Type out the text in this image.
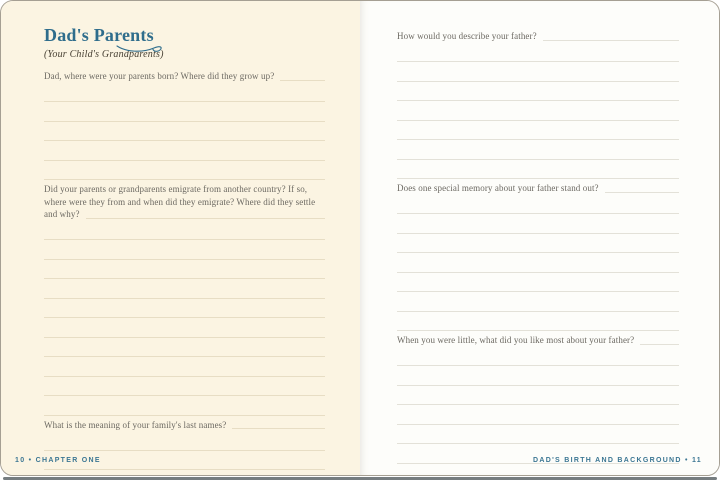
Dad's Parents

(Your Child's Grandparents)

Dad, where were your parents born? Where did they grow up?

Did your parents or grandparents emigrate from another country? If so, where were they from and when did they emigrate? Where did they settle and why?

What is the meaning of your family's last names?

10 • CHAPTER ONE

How would you describe your father?

Does one special memory about your father stand out?

When you were little, what did you like most about your father?

DAD'S BIRTH AND BACKGROUND • 11
